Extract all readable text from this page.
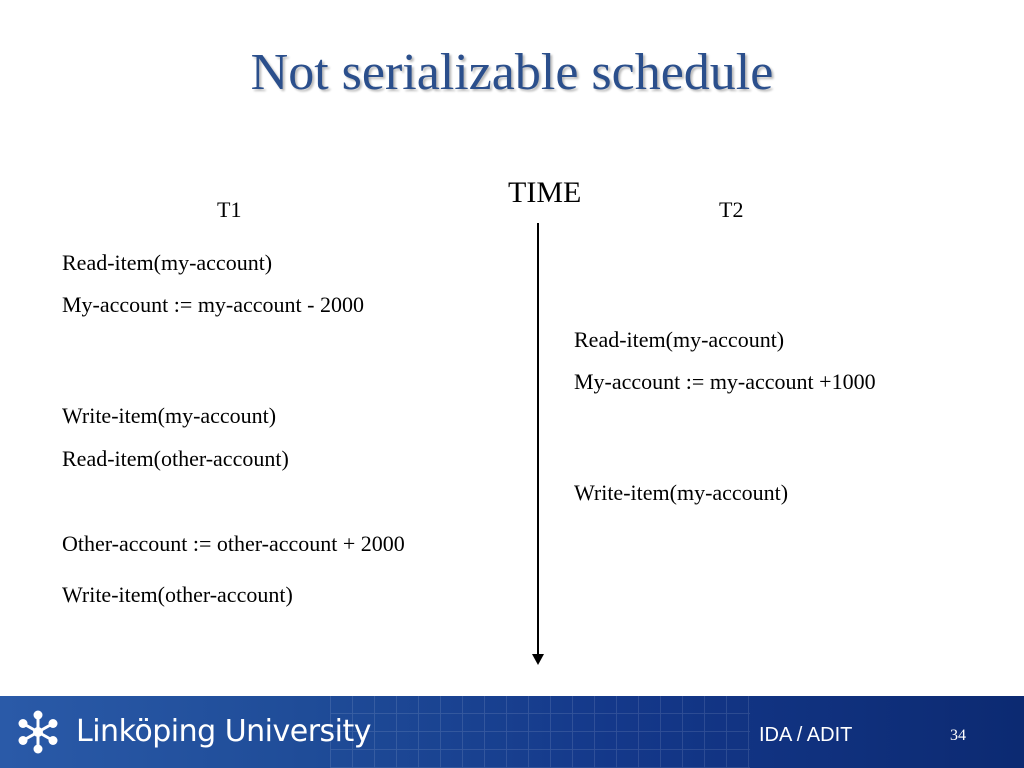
Not serializable schedule
T1
TIME
T2
Read-item(my-account)
My-account := my-account - 2000
Write-item(my-account)
Read-item(other-account)
Other-account := other-account + 2000
Write-item(other-account)
Read-item(my-account)
My-account := my-account +1000
Write-item(my-account)
Linköping University	IDA / ADIT	34
